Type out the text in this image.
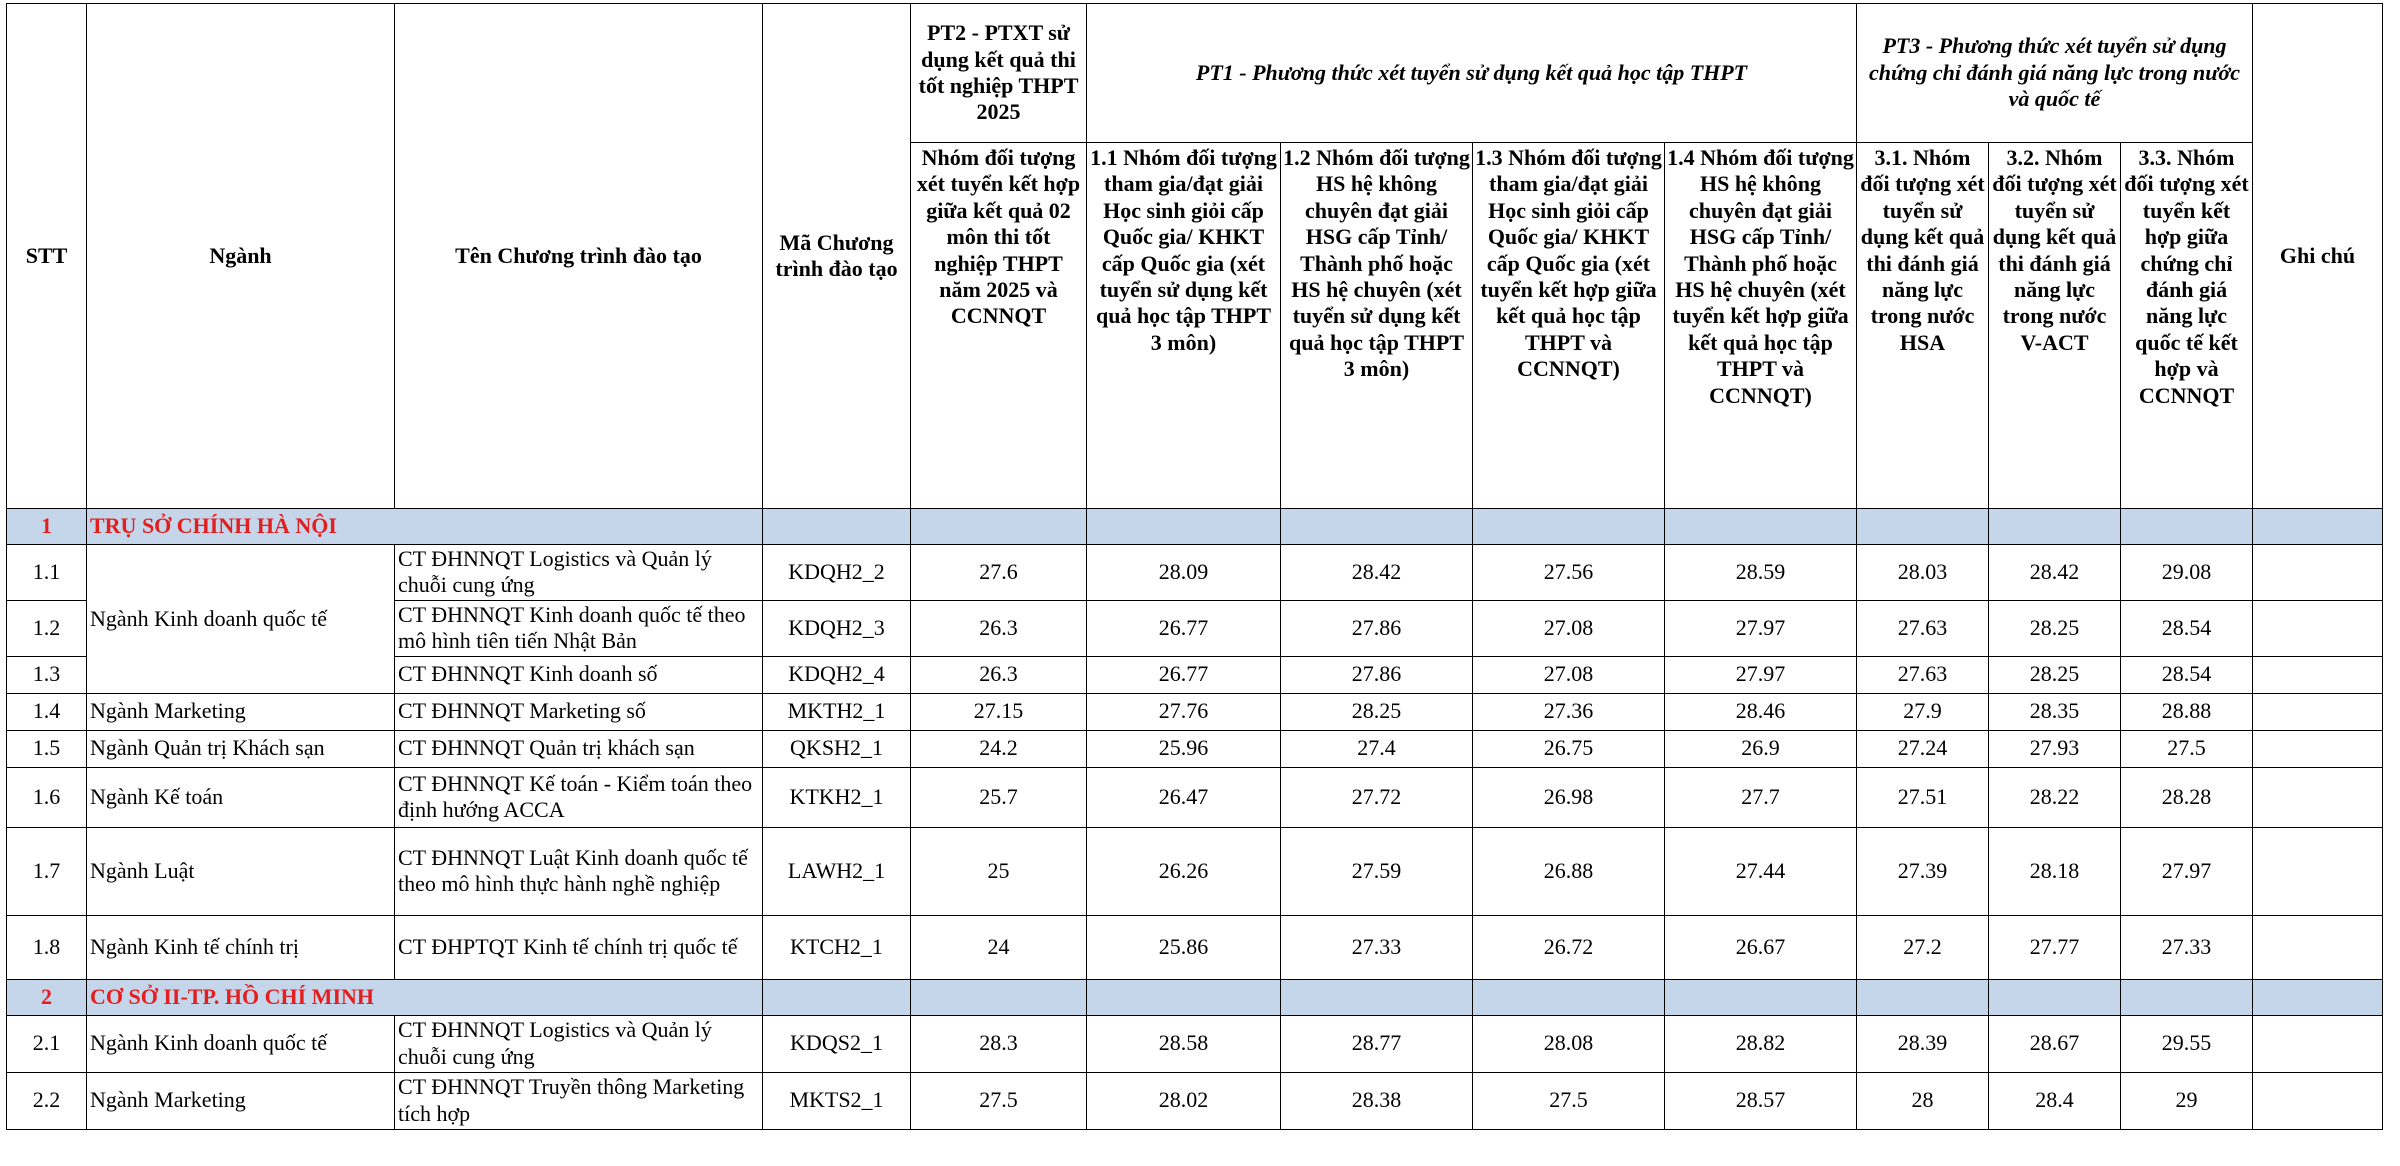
STT	Ngành	Tên Chương trình đào tạo	Mã Chương trình đào tạo	PT2 - PTXT sử dụng kết quả thi tốt nghiệp THPT 2025	PT1 - Phương thức xét tuyển sử dụng kết quả học tập THPT				PT3 - Phương thức xét tuyển sử dụng chứng chỉ đánh giá năng lực trong nước và quốc tế			Ghi chú
				Nhóm đối tượng xét tuyển kết hợp giữa kết quả 02 môn thi tốt nghiệp THPT năm 2025 và CCNNQT	1.1 Nhóm đối tượng tham gia/đạt giải Học sinh giỏi cấp Quốc gia/ KHKT cấp Quốc gia (xét tuyển sử dụng kết quả học tập THPT 3 môn)	1.2 Nhóm đối tượng HS hệ không chuyên đạt giải HSG cấp Tỉnh/ Thành phố hoặc HS hệ chuyên (xét tuyển sử dụng kết quả học tập THPT 3 môn)	1.3 Nhóm đối tượng tham gia/đạt giải Học sinh giỏi cấp Quốc gia/ KHKT cấp Quốc gia (xét tuyển kết hợp giữa kết quả học tập THPT và CCNNQT)	1.4 Nhóm đối tượng HS hệ không chuyên đạt giải HSG cấp Tỉnh/ Thành phố hoặc HS hệ chuyên (xét tuyển kết hợp giữa kết quả học tập THPT và CCNNQT)	3.1. Nhóm đối tượng xét tuyển sử dụng kết quả thi đánh giá năng lực trong nước HSA	3.2. Nhóm đối tượng xét tuyển sử dụng kết quả thi đánh giá năng lực trong nước V-ACT	3.3. Nhóm đối tượng xét tuyển kết hợp giữa chứng chỉ đánh giá năng lực quốc tế kết hợp và CCNNQT	
1	TRỤ SỞ CHÍNH HÀ NỘI											
1.1	Ngành Kinh doanh quốc tế	CT ĐHNNQT Logistics và Quản lý chuỗi cung ứng	KDQH2_2	27.6	28.09	28.42	27.56	28.59	28.03	28.42	29.08	
1.2		CT ĐHNNQT Kinh doanh quốc tế theo mô hình tiên tiến Nhật Bản	KDQH2_3	26.3	26.77	27.86	27.08	27.97	27.63	28.25	28.54	
1.3		CT ĐHNNQT Kinh doanh số	KDQH2_4	26.3	26.77	27.86	27.08	27.97	27.63	28.25	28.54	
1.4	Ngành Marketing	CT ĐHNNQT Marketing số	MKTH2_1	27.15	27.76	28.25	27.36	28.46	27.9	28.35	28.88	
1.5	Ngành Quản trị Khách sạn	CT ĐHNNQT Quản trị khách sạn	QKSH2_1	24.2	25.96	27.4	26.75	26.9	27.24	27.93	27.5	
1.6	Ngành Kế toán	CT ĐHNNQT Kế toán - Kiểm toán theo định hướng ACCA	KTKH2_1	25.7	26.47	27.72	26.98	27.7	27.51	28.22	28.28	
1.7	Ngành Luật	CT ĐHNNQT Luật Kinh doanh quốc tế theo mô hình thực hành nghề nghiệp	LAWH2_1	25	26.26	27.59	26.88	27.44	27.39	28.18	27.97	
1.8	Ngành Kinh tế chính trị	CT ĐHPTQT Kinh tế chính trị quốc tế	KTCH2_1	24	25.86	27.33	26.72	26.67	27.2	27.77	27.33	
2	CƠ SỞ II-TP. HỒ CHÍ MINH											
2.1	Ngành Kinh doanh quốc tế	CT ĐHNNQT Logistics và Quản lý chuỗi cung ứng	KDQS2_1	28.3	28.58	28.77	28.08	28.82	28.39	28.67	29.55	
2.2	Ngành Marketing	CT ĐHNNQT Truyền thông Marketing tích hợp	MKTS2_1	27.5	28.02	28.38	27.5	28.57	28	28.4	29	
